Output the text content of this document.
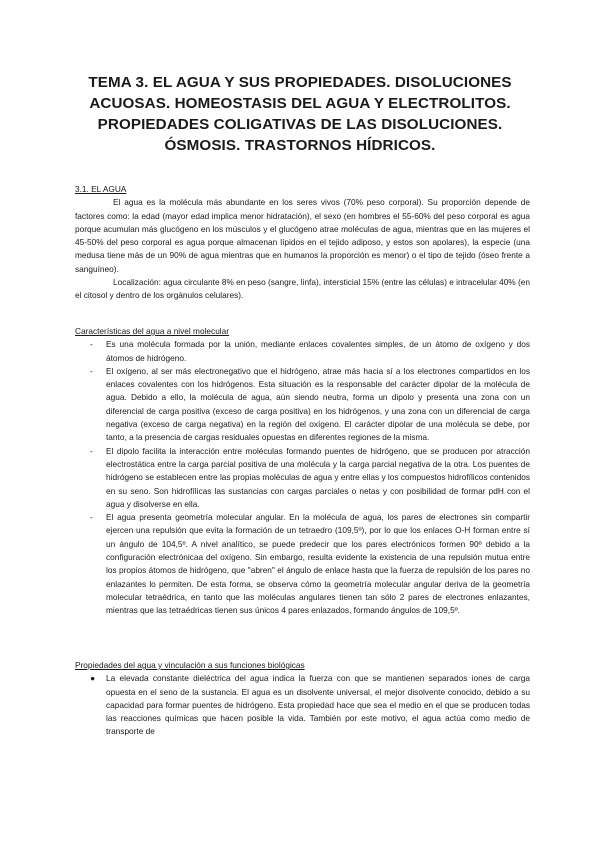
TEMA 3. EL AGUA Y SUS PROPIEDADES. DISOLUCIONES
ACUOSAS. HOMEOSTASIS DEL AGUA Y ELECTROLITOS.
PROPIEDADES COLIGATIVAS DE LAS DISOLUCIONES.
ÓSMOSIS. TRASTORNOS HÍDRICOS.
3.1. EL AGUA
El agua es la molécula más abundante en los seres vivos (70% peso corporal). Su proporción depende de factores como: la edad (mayor edad implica menor hidratación), el sexo (en hombres el 55-60% del peso corporal es agua porque acumulan más glucógeno en los músculos y el glucógeno atrae moléculas de agua, mientras que en las mujeres el 45-50% del peso corporal es agua porque almacenan lípidos en el tejido adiposo, y estos son apolares), la especie (una medusa tiene más de un 90% de agua mientras que en humanos la proporción es menor) o el tipo de tejido (óseo frente a sanguíneo).
Localización: agua circulante 8% en peso (sangre, linfa), intersticial 15% (entre las células) e intracelular 40% (en el citosol y dentro de los orgánulos celulares).
Características del agua a nivel molecular
- Es una molécula formada por la unión, mediante enlaces covalentes simples, de un átomo de oxígeno y dos átomos de hidrógeno.
- El oxígeno, al ser más electronegativo que el hidrógeno, atrae más hacia sí a los electrones compartidos en los enlaces covalentes con los hidrógenos. Esta situación es la responsable del carácter dipolar de la molécula de agua. Debido a ello, la molécula de agua, aún siendo neutra, forma un dipolo y presenta una zona con un diferencial de carga positiva (exceso de carga positiva) en los hidrógenos, y una zona con un diferencial de carga negativa (exceso de carga negativa) en la región del oxígeno. El carácter dipolar de una molécula se debe, por tanto, a la presencia de cargas residuales opuestas en diferentes regiones de la misma.
- El dipolo facilita la interacción entre moléculas formando puentes de hidrógeno, que se producen por atracción electrostática entre la carga parcial positiva de una molécula y la carga parcial negativa de la otra. Los puentes de hidrógeno se establecen entre las propias moléculas de agua y entre ellas y los compuestos hidrofílicos contenidos en su seno. Son hidrofílicas las sustancias con cargas parciales o netas y con posibilidad de formar pdH con el agua y disolverse en ella.
- El agua presenta geometría molecular angular. En la molécula de agua, los pares de electrones sin compartir ejercen una repulsión que evita la formación de un tetraedro (109,5º), por lo que los enlaces O-H forman entre sí un ángulo de 104,5º. A nivel analítico, se puede predecir que los pares electrónicos formen 90º debido a la configuración electrónicaa del oxígeno. Sin embargo, resulta evidente la existencia de una repulsión mutua entre los propios átomos de hidrógeno, que "abren" el ángulo de enlace hasta que la fuerza de repulsión de los pares no enlazantes lo permiten. De esta forma, se observa cómo la geometría molecular angular deriva de la geometría molecular tetraédrica, en tanto que las moléculas angulares tienen tan sólo 2 pares de electrones enlazantes, mientras que las tetraédricas tienen sus únicos 4 pares enlazados, formando ángulos de 109,5º.
Propiedades del agua y vinculación a sus funciones biológicas
● La elevada constante dieléctrica del agua indica la fuerza con que se mantienen separados iones de carga opuesta en el seno de la sustancia. El agua es un disolvente universal, el mejor disolvente conocido, debido a su capacidad para formar puentes de hidrógeno. Esta propiedad hace que sea el medio en el que se producen todas las reacciones químicas que hacen posible la vida. También por este motivo, el agua actúa como medio de transporte de
